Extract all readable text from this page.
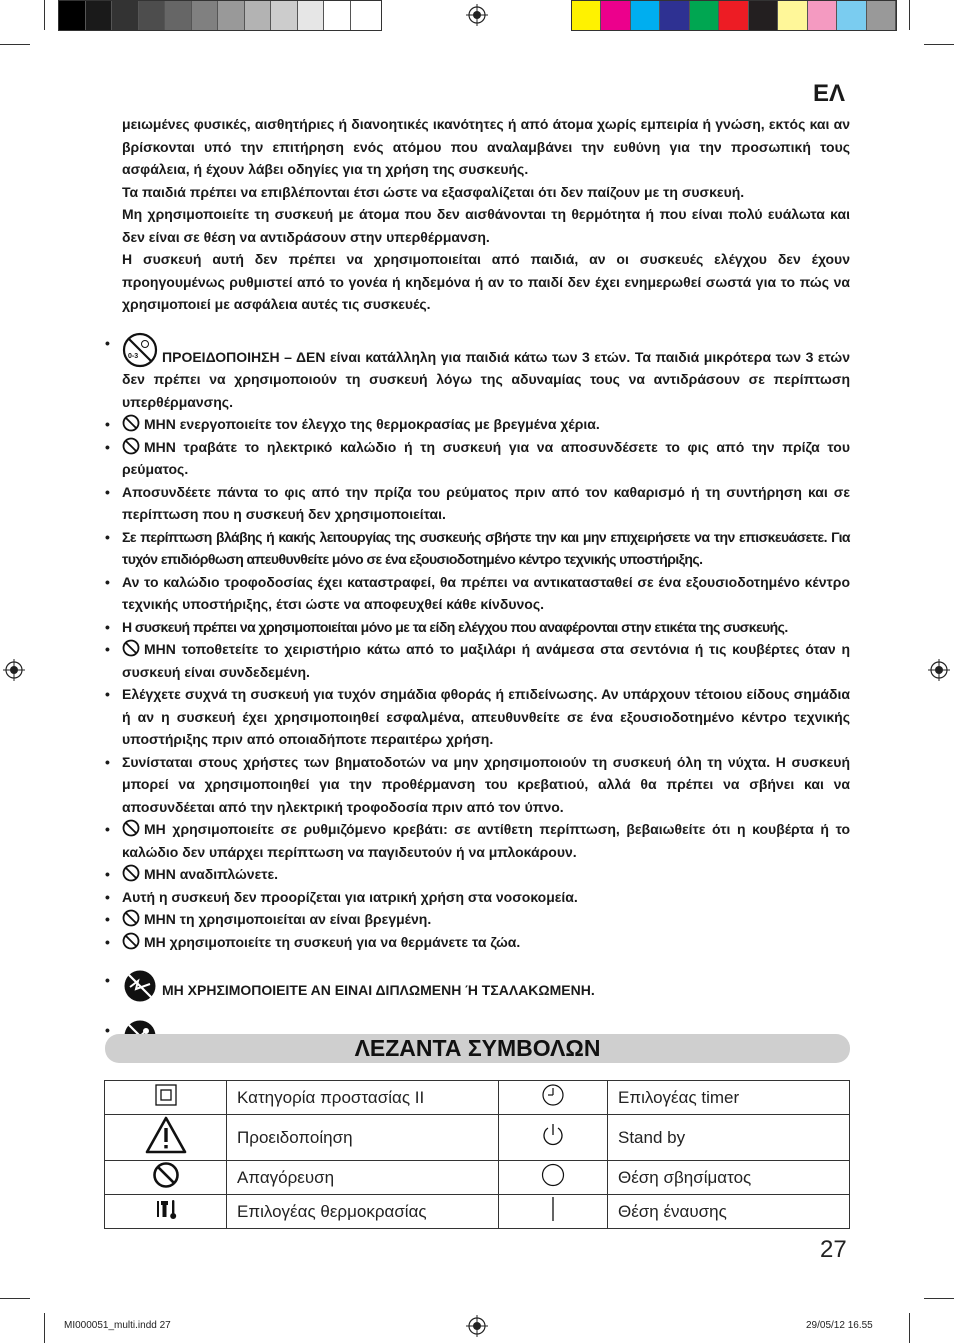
ΕΛ

μειωμένες φυσικές, αισθητήριες ή διανοητικές ικανότητες ή από άτομα χωρίς εμπειρία ή γνώση, εκτός και αν βρίσκονται υπό την επιτήρηση ενός ατόμου που αναλαμβάνει την ευθύνη για την προσωπική τους ασφάλεια, ή έχουν λάβει οδηγίες για τη χρήση της συσκευής.

Τα παιδιά πρέπει να επιβλέπονται έτσι ώστε να εξασφαλίζεται ότι δεν παίζουν με τη συσκευή.

Μη χρησιμοποιείτε τη συσκευή με άτομα που δεν αισθάνονται τη θερμότητα ή που είναι πολύ ευάλωτα και δεν είναι σε θέση να αντιδράσουν στην υπερθέρμανση.

Η συσκευή αυτή δεν πρέπει να χρησιμοποιείται από παιδιά, αν οι συσκευές ελέγχου δεν έχουν προηγουμένως ρυθμιστεί από το γονέα ή κηδεμόνα ή αν το παιδί δεν έχει ενημερωθεί σωστά για το πώς να χρησιμοποιεί με ασφάλεια αυτές τις συσκευές.

• 0-3 ΠΡΟΕΙΔΟΠΟΙΗΣΗ – ΔΕΝ είναι κατάλληλη για παιδιά κάτω των 3 ετών. Τα παιδιά μικρότερα των 3 ετών δεν πρέπει να χρησιμοποιούν τη συσκευή λόγω της αδυναμίας τους να αντιδράσουν σε περίπτωση υπερθέρμανσης.
• ΜΗΝ ενεργοποιείτε τον έλεγχο της θερμοκρασίας με βρεγμένα χέρια.
• ΜΗΝ τραβάτε το ηλεκτρικό καλώδιο ή τη συσκευή για να αποσυνδέσετε το φις από την πρίζα του ρεύματος.
• Αποσυνδέετε πάντα το φις από την πρίζα του ρεύματος πριν από τον καθαρισμό ή τη συντήρηση και σε περίπτωση που η συσκευή δεν χρησιμοποιείται.
• Σε περίπτωση βλάβης ή κακής λειτουργίας της συσκευής σβήστε την και μην επιχειρήσετε να την επισκευάσετε. Για τυχόν επιδιόρθωση απευθυνθείτε μόνο σε ένα εξουσιοδοτημένο κέντρο τεχνικής υποστήριξης.
• Αν το καλώδιο τροφοδοσίας έχει καταστραφεί, θα πρέπει να αντικατασταθεί σε ένα εξουσιοδοτημένο κέντρο τεχνικής υποστήριξης, έτσι ώστε να αποφευχθεί κάθε κίνδυνος.
• Η συσκευή πρέπει να χρησιμοποιείται μόνο με τα είδη ελέγχου που αναφέρονται στην ετικέτα της συσκευής.
• ΜΗΝ τοποθετείτε το χειριστήριο κάτω από το μαξιλάρι ή ανάμεσα στα σεντόνια ή τις κουβέρτες όταν η συσκευή είναι συνδεδεμένη.
• Ελέγχετε συχνά τη συσκευή για τυχόν σημάδια φθοράς ή επιδείνωσης. Αν υπάρχουν τέτοιου είδους σημάδια ή αν η συσκευή έχει χρησιμοποιηθεί εσφαλμένα, απευθυνθείτε σε ένα εξουσιοδοτημένο κέντρο τεχνικής υποστήριξης πριν από οποιαδήποτε περαιτέρω χρήση.
• Συνίσταται στους χρήστες των βηματοδοτών να μην χρησιμοποιούν τη συσκευή όλη τη νύχτα. Η συσκευή μπορεί να χρησιμοποιηθεί για την προθέρμανση του κρεβατιού, αλλά θα πρέπει να σβήνει και να αποσυνδέεται από την ηλεκτρική τροφοδοσία πριν από τον ύπνο.
• ΜΗ χρησιμοποιείτε σε ρυθμιζόμενο κρεβάτι: σε αντίθετη περίπτωση, βεβαιωθείτε ότι η κουβέρτα ή το καλώδιο δεν υπάρχει περίπτωση να παγιδευτούν ή να μπλοκάρουν.
• ΜΗΝ αναδιπλώνετε.
• Αυτή η συσκευή δεν προορίζεται για ιατρική χρήση στα νοσοκομεία.
• ΜΗΝ τη χρησιμοποιείται αν είναι βρεγμένη.
• ΜΗ χρησιμοποιείτε τη συσκευή για να θερμάνετε τα ζώα.
• ΜΗ ΧΡΗΣΙΜΟΠΟΙΕΙΤΕ ΑΝ ΕΙΝΑΙ ΔΙΠΛΩΜΕΝΗ Ή ΤΣΑΛΑΚΩΜΕΝΗ.
•
ΛΕΖΑΝΤΑ ΣΥΜΒΟΛΩΝ
	Κατηγορία προστασίας II		Επιλογέας timer
	Προειδοποίηση		Stand by
	Απαγόρευση		Θέση σβησίματος
	Επιλογέας θερμοκρασίας		Θέση έναυσης
27
MI000051_multi.indd 27	29/05/12 16.55
